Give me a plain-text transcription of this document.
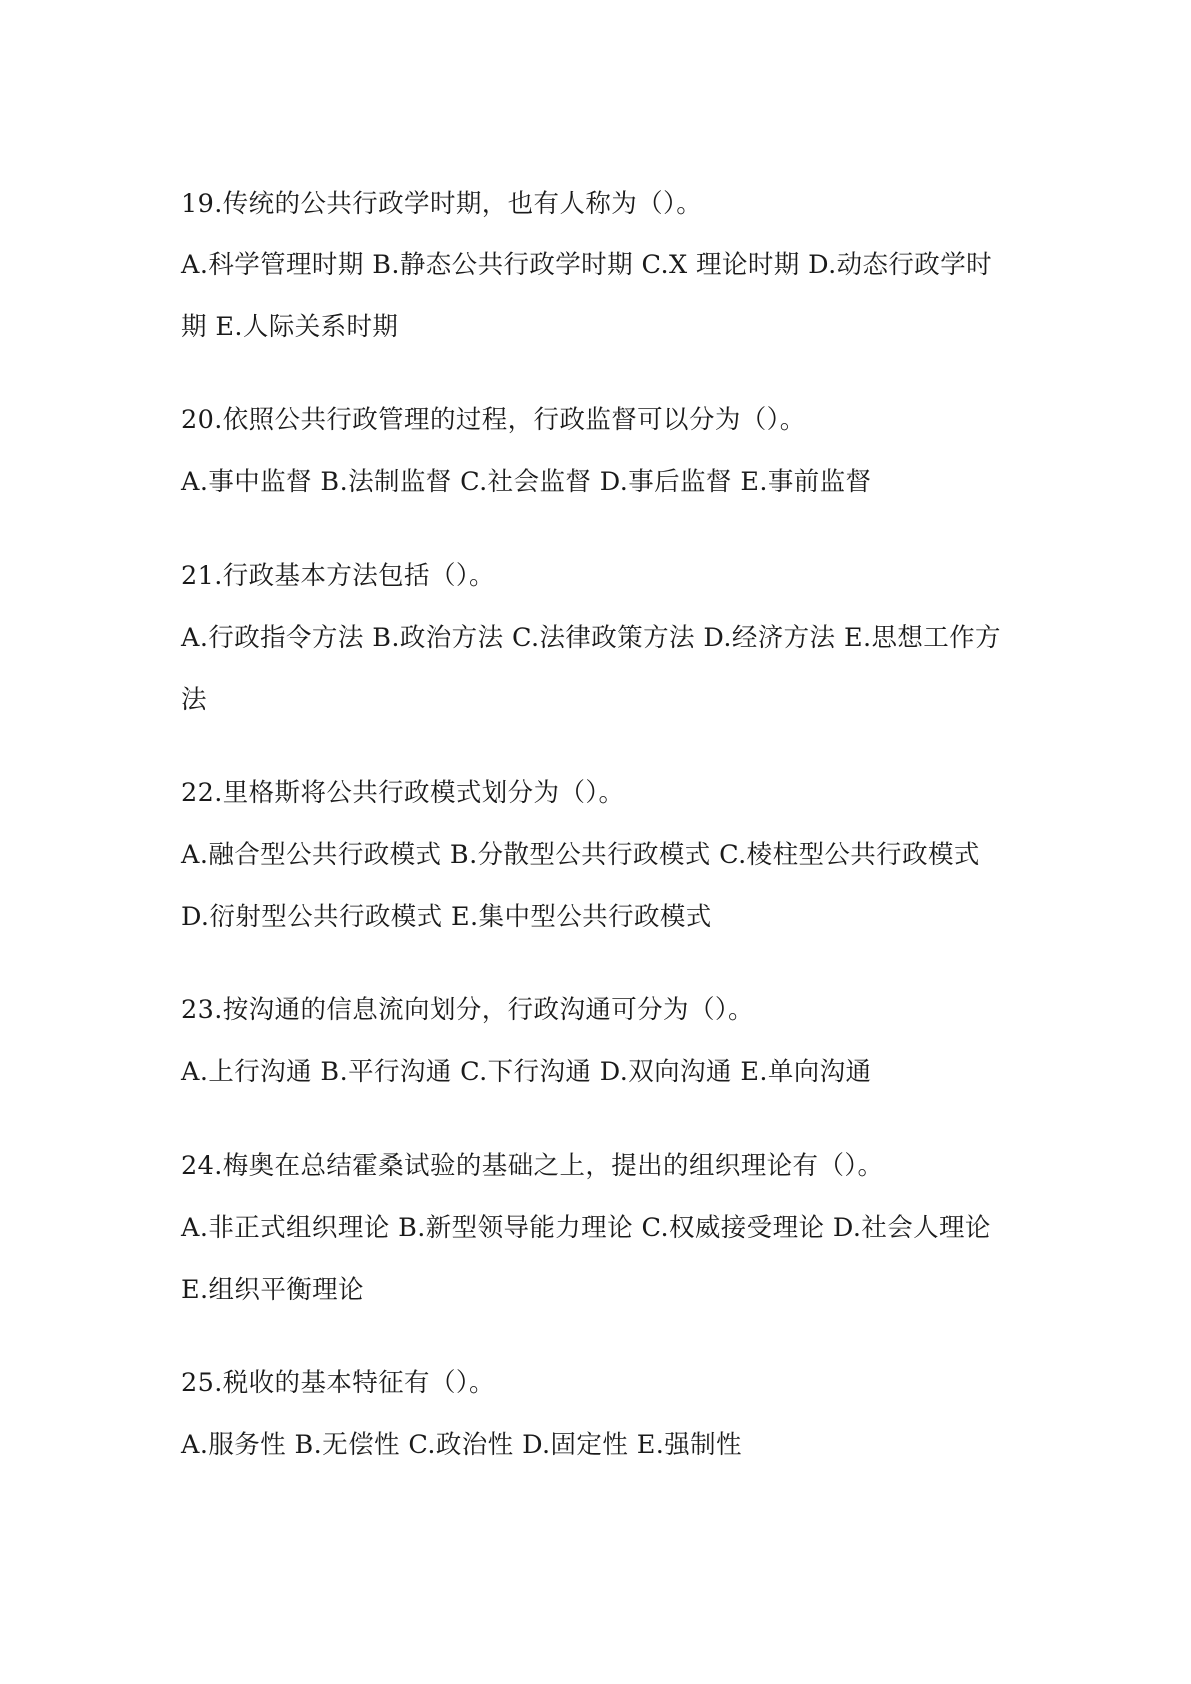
19.传统的公共行政学时期，也有人称为（）。
A.科学管理时期 B.静态公共行政学时期 C.X 理论时期 D.动态行政学时
期 E.人际关系时期
20.依照公共行政管理的过程，行政监督可以分为（）。
A.事中监督 B.法制监督 C.社会监督 D.事后监督 E.事前监督
21.行政基本方法包括（）。
A.行政指令方法 B.政治方法 C.法律政策方法 D.经济方法 E.思想工作方
法
22.里格斯将公共行政模式划分为（）。
A.融合型公共行政模式 B.分散型公共行政模式 C.棱柱型公共行政模式
D.衍射型公共行政模式 E.集中型公共行政模式
23.按沟通的信息流向划分，行政沟通可分为（）。
A.上行沟通 B.平行沟通 C.下行沟通 D.双向沟通 E.单向沟通
24.梅奥在总结霍桑试验的基础之上，提出的组织理论有（）。
A.非正式组织理论 B.新型领导能力理论 C.权威接受理论 D.社会人理论
E.组织平衡理论
25.税收的基本特征有（）。
A.服务性 B.无偿性 C.政治性 D.固定性 E.强制性
